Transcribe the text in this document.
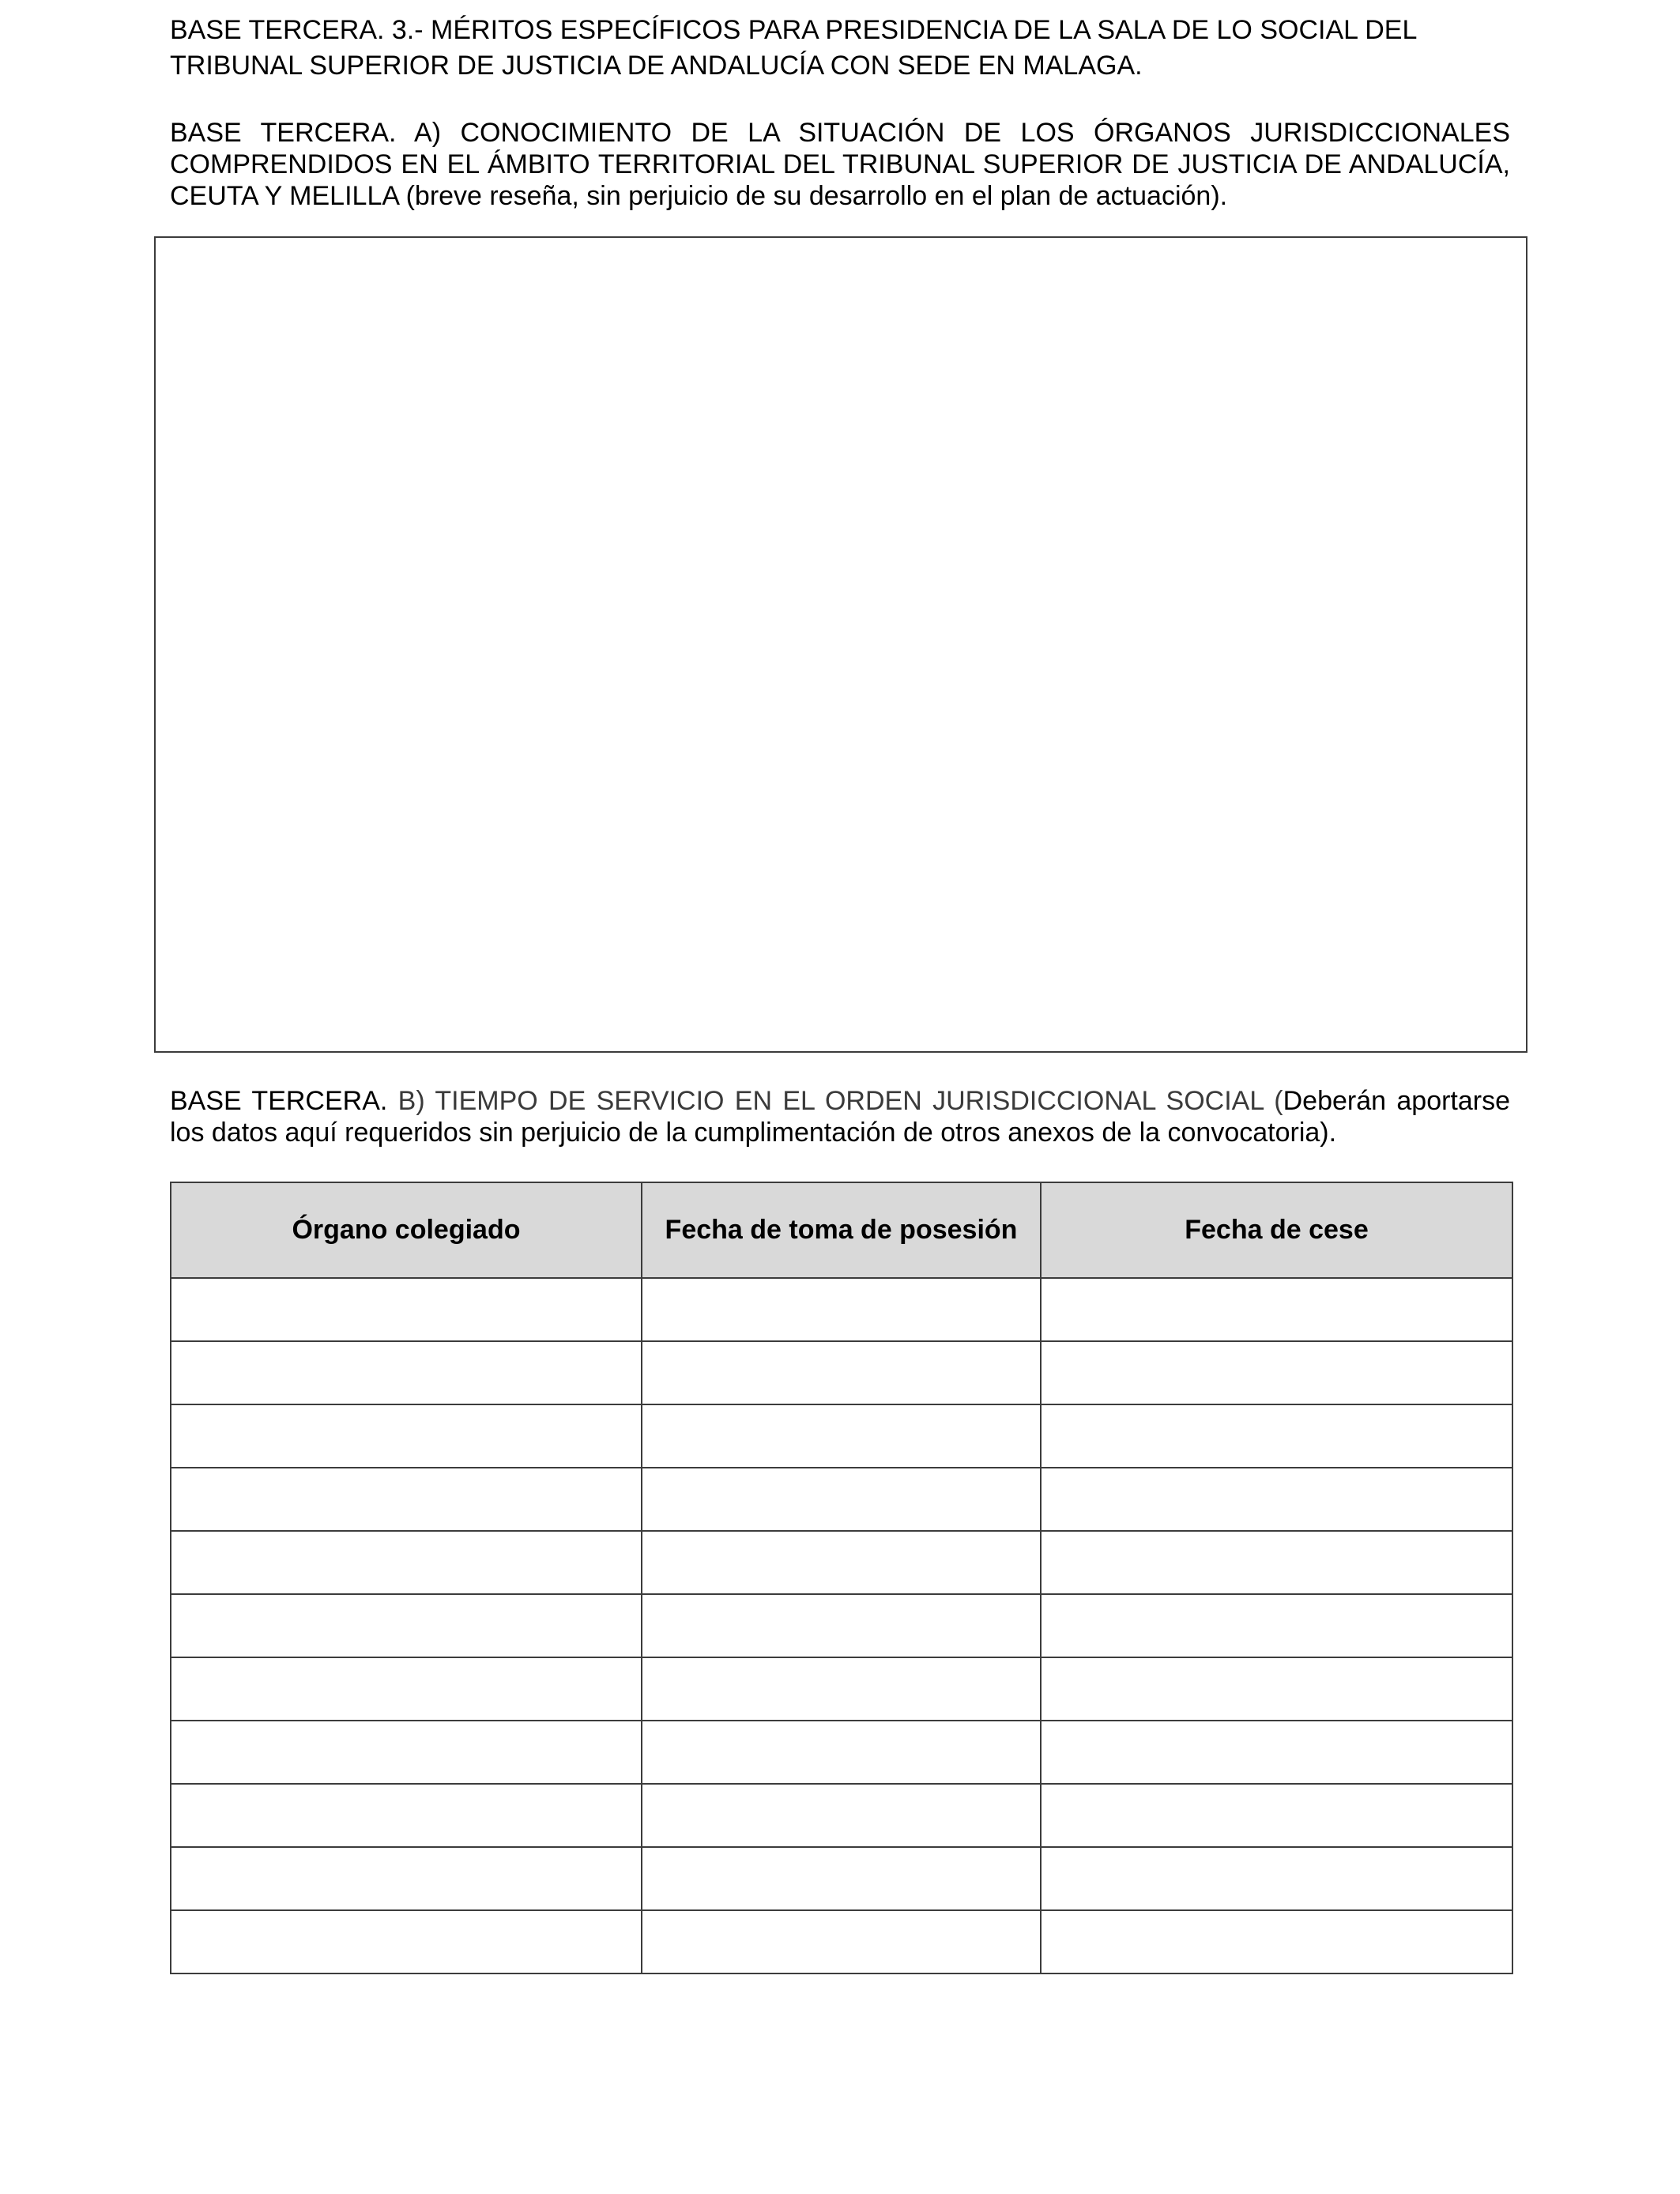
BASE TERCERA. 3.- MÉRITOS ESPECÍFICOS PARA PRESIDENCIA DE LA SALA DE LO SOCIAL DEL
TRIBUNAL SUPERIOR DE JUSTICIA DE ANDALUCÍA CON SEDE EN MALAGA.

BASE TERCERA. A) CONOCIMIENTO DE LA SITUACIÓN DE LOS ÓRGANOS JURISDICCIONALES COMPRENDIDOS EN EL ÁMBITO TERRITORIAL DEL TRIBUNAL SUPERIOR DE JUSTICIA DE ANDALUCÍA, CEUTA Y MELILLA (breve reseña, sin perjuicio de su desarrollo en el plan de actuación).

BASE TERCERA. B) TIEMPO DE SERVICIO EN EL ORDEN JURISDICCIONAL SOCIAL (Deberán aportarse los datos aquí requeridos sin perjuicio de la cumplimentación de otros anexos de la convocatoria).

Órgano colegiado	Fecha de toma de posesión	Fecha de cese
